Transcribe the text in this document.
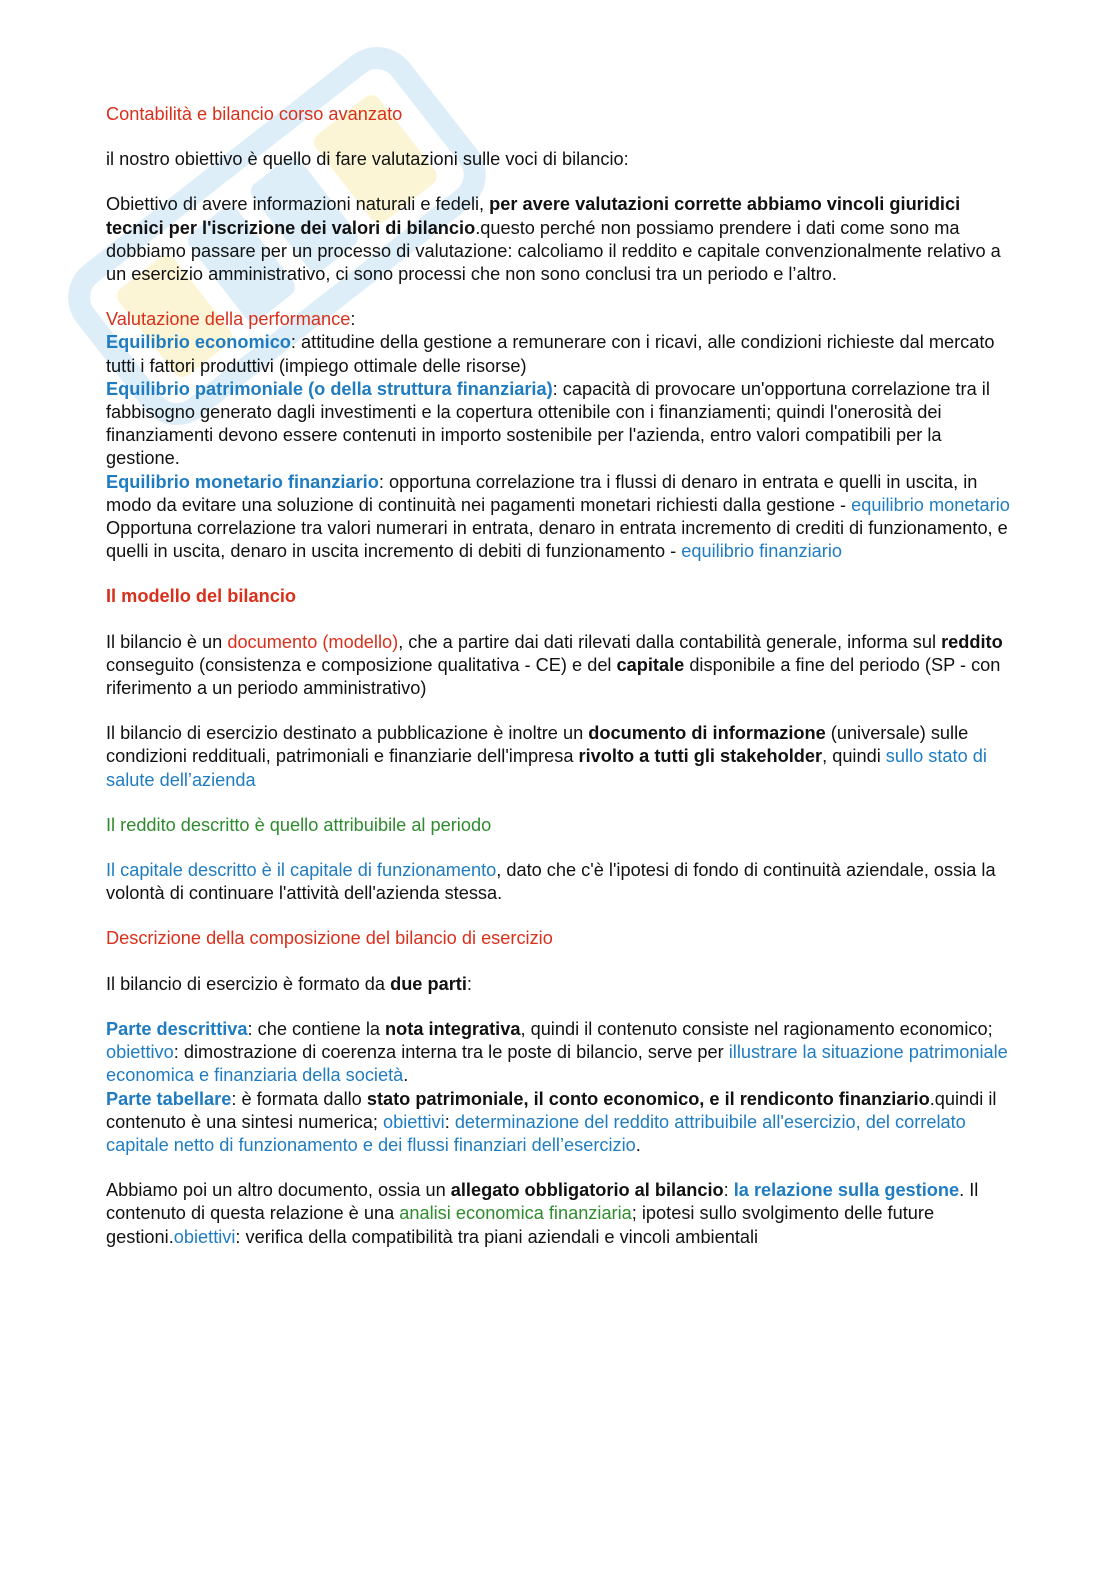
Contabilità e bilancio corso avanzato

il nostro obiettivo è quello di fare valutazioni sulle voci di bilancio:

Obiettivo di avere informazioni naturali e fedeli, per avere valutazioni corrette abbiamo vincoli giuridici tecnici per l'iscrizione dei valori di bilancio.questo perché non possiamo prendere i dati come sono ma dobbiamo passare per un processo di valutazione: calcoliamo il reddito e capitale convenzionalmente relativo a un esercizio amministrativo, ci sono processi che non sono conclusi tra un periodo e l’altro.

Valutazione della performance:
Equilibrio economico: attitudine della gestione a remunerare con i ricavi, alle condizioni richieste dal mercato tutti i fattori produttivi (impiego ottimale delle risorse)
Equilibrio patrimoniale (o della struttura finanziaria): capacità di provocare un'opportuna correlazione tra il fabbisogno generato dagli investimenti e la copertura ottenibile con i finanziamenti; quindi l'onerosità dei finanziamenti devono essere contenuti in importo sostenibile per l'azienda, entro valori compatibili per la gestione.
Equilibrio monetario finanziario: opportuna correlazione tra i flussi di denaro in entrata e quelli in uscita, in modo da evitare una soluzione di continuità nei pagamenti monetari richiesti dalla gestione - equilibrio monetario
Opportuna correlazione tra valori numerari in entrata, denaro in entrata incremento di crediti di funzionamento, e quelli in uscita, denaro in uscita incremento di debiti di funzionamento - equilibrio finanziario

Il modello del bilancio

Il bilancio è un documento (modello), che a partire dai dati rilevati dalla contabilità generale, informa sul reddito conseguito (consistenza e composizione qualitativa - CE) e del capitale disponibile a fine del periodo (SP - con riferimento a un periodo amministrativo)

Il bilancio di esercizio destinato a pubblicazione è inoltre un documento di informazione (universale) sulle condizioni reddituali, patrimoniali e finanziarie dell'impresa rivolto a tutti gli stakeholder, quindi sullo stato di salute dell’azienda

Il reddito descritto è quello attribuibile al periodo

Il capitale descritto è il capitale di funzionamento, dato che c'è l'ipotesi di fondo di continuità aziendale, ossia la volontà di continuare l'attività dell'azienda stessa.

Descrizione della composizione del bilancio di esercizio

Il bilancio di esercizio è formato da due parti:

Parte descrittiva: che contiene la nota integrativa, quindi il contenuto consiste nel ragionamento economico; obiettivo: dimostrazione di coerenza interna tra le poste di bilancio, serve per illustrare la situazione patrimoniale economica e finanziaria della società.
Parte tabellare: è formata dallo stato patrimoniale, il conto economico, e il rendiconto finanziario.quindi il contenuto è una sintesi numerica; obiettivi: determinazione del reddito attribuibile all'esercizio, del correlato capitale netto di funzionamento e dei flussi finanziari dell’esercizio.

Abbiamo poi un altro documento, ossia un allegato obbligatorio al bilancio: la relazione sulla gestione. Il contenuto di questa relazione è una analisi economica finanziaria; ipotesi sullo svolgimento delle future gestioni.obiettivi: verifica della compatibilità tra piani aziendali e vincoli ambientali
